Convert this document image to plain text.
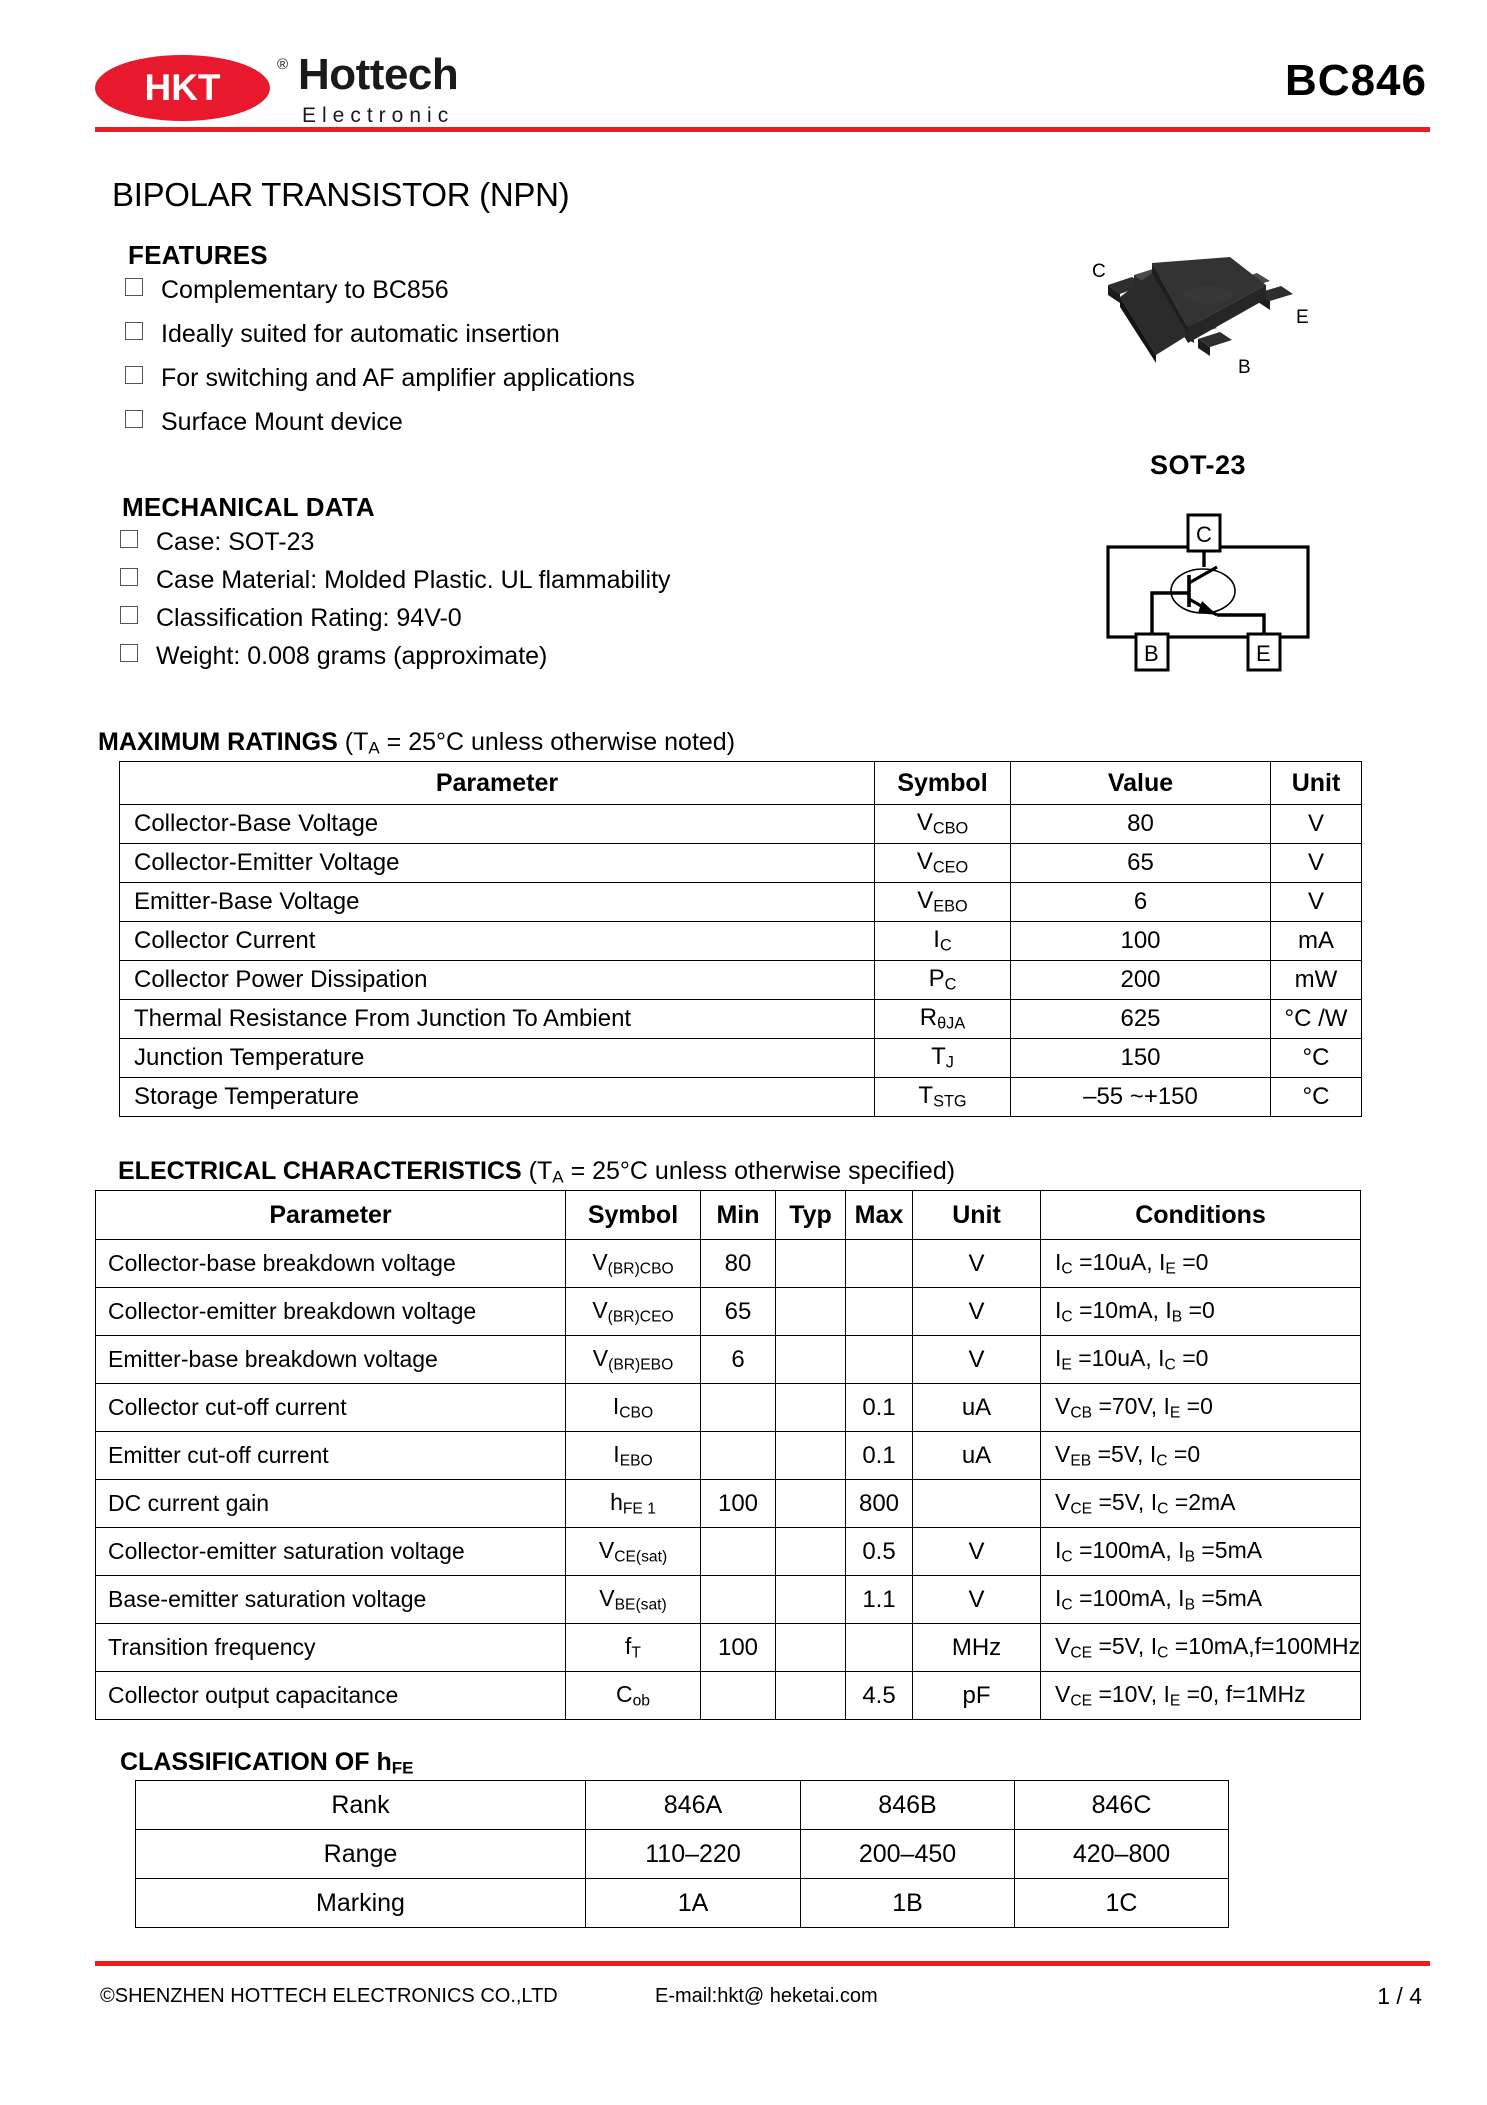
HKT
® Hottech
Electronic
BC846
BIPOLAR TRANSISTOR (NPN)
FEATURES
Complementary to BC856
Ideally suited for automatic insertion
For switching and AF amplifier applications
Surface Mount device
MECHANICAL DATA
Case: SOT-23
Case Material: Molded Plastic. UL flammability
Classification Rating: 94V-0
Weight: 0.008 grams (approximate)
C
E
B
SOT-23
C
B	E
MAXIMUM RATINGS ($T_A = 25^\circ C$ unless otherwise noted)
Parameter	Symbol	Value	Unit
Collector-Base Voltage	$V_{CBO}$	80	V
Collector-Emitter Voltage	$V_{CEO}$	65	V
Emitter-Base Voltage	$V_{EBO}$	6	V
Collector Current	$I_C$	100	mA
Collector Power Dissipation	$P_C$	200	mW
Thermal Resistance From Junction To Ambient	$R_{\theta JA}$	625	°C /W
Junction Temperature	$T_J$	150	°C
Storage Temperature	$T_{STG}$	–55 ~+150	°C
ELECTRICAL CHARACTERISTICS ($T_A = 25^\circ C$ unless otherwise specified)
Parameter	Symbol	Min	Typ	Max	Unit	Conditions
Collector-base breakdown voltage	$V_{(BR)CBO}$	80			V	$I_C =10uA$, $I_E =0$
Collector-emitter breakdown voltage	$V_{(BR)CEO}$	65			V	$I_C =10mA$, $I_B =0$
Emitter-base breakdown voltage	$V_{(BR)EBO}$	6			V	$I_E =10uA$, $I_C =0$
Collector cut-off current	$I_{CBO}$			0.1	uA	$V_{CB} =70V$, $I_E =0$
Emitter cut-off current	$I_{EBO}$			0.1	uA	$V_{EB} =5V$, $I_C =0$
DC current gain	$h_{FE 1}$	100		800		$V_{CE} =5V$, $I_C =2mA$
Collector-emitter saturation voltage	$V_{CE(sat)}$			0.5	V	$I_C =100mA$, $I_B =5mA$
Base-emitter saturation voltage	$V_{BE(sat)}$			1.1	V	$I_C =100mA$, $I_B =5mA$
Transition frequency	$f_T$	100			MHz	$V_{CE} =5V$, $I_C =10mA,f=100MHz$
Collector output capacitance	$C_{ob}$			4.5	pF	$V_{CE} =10V$, $I_E =0$, f=1MHz
CLASSIFICATION OF $h_{FE}$
Rank	846A	846B	846C
Range	110–220	200–450	420–800
Marking	1A	1B	1C
©SHENZHEN HOTTECH ELECTRONICS CO.,LTD	E-mail:hkt@ heketai.com	1 / 4
